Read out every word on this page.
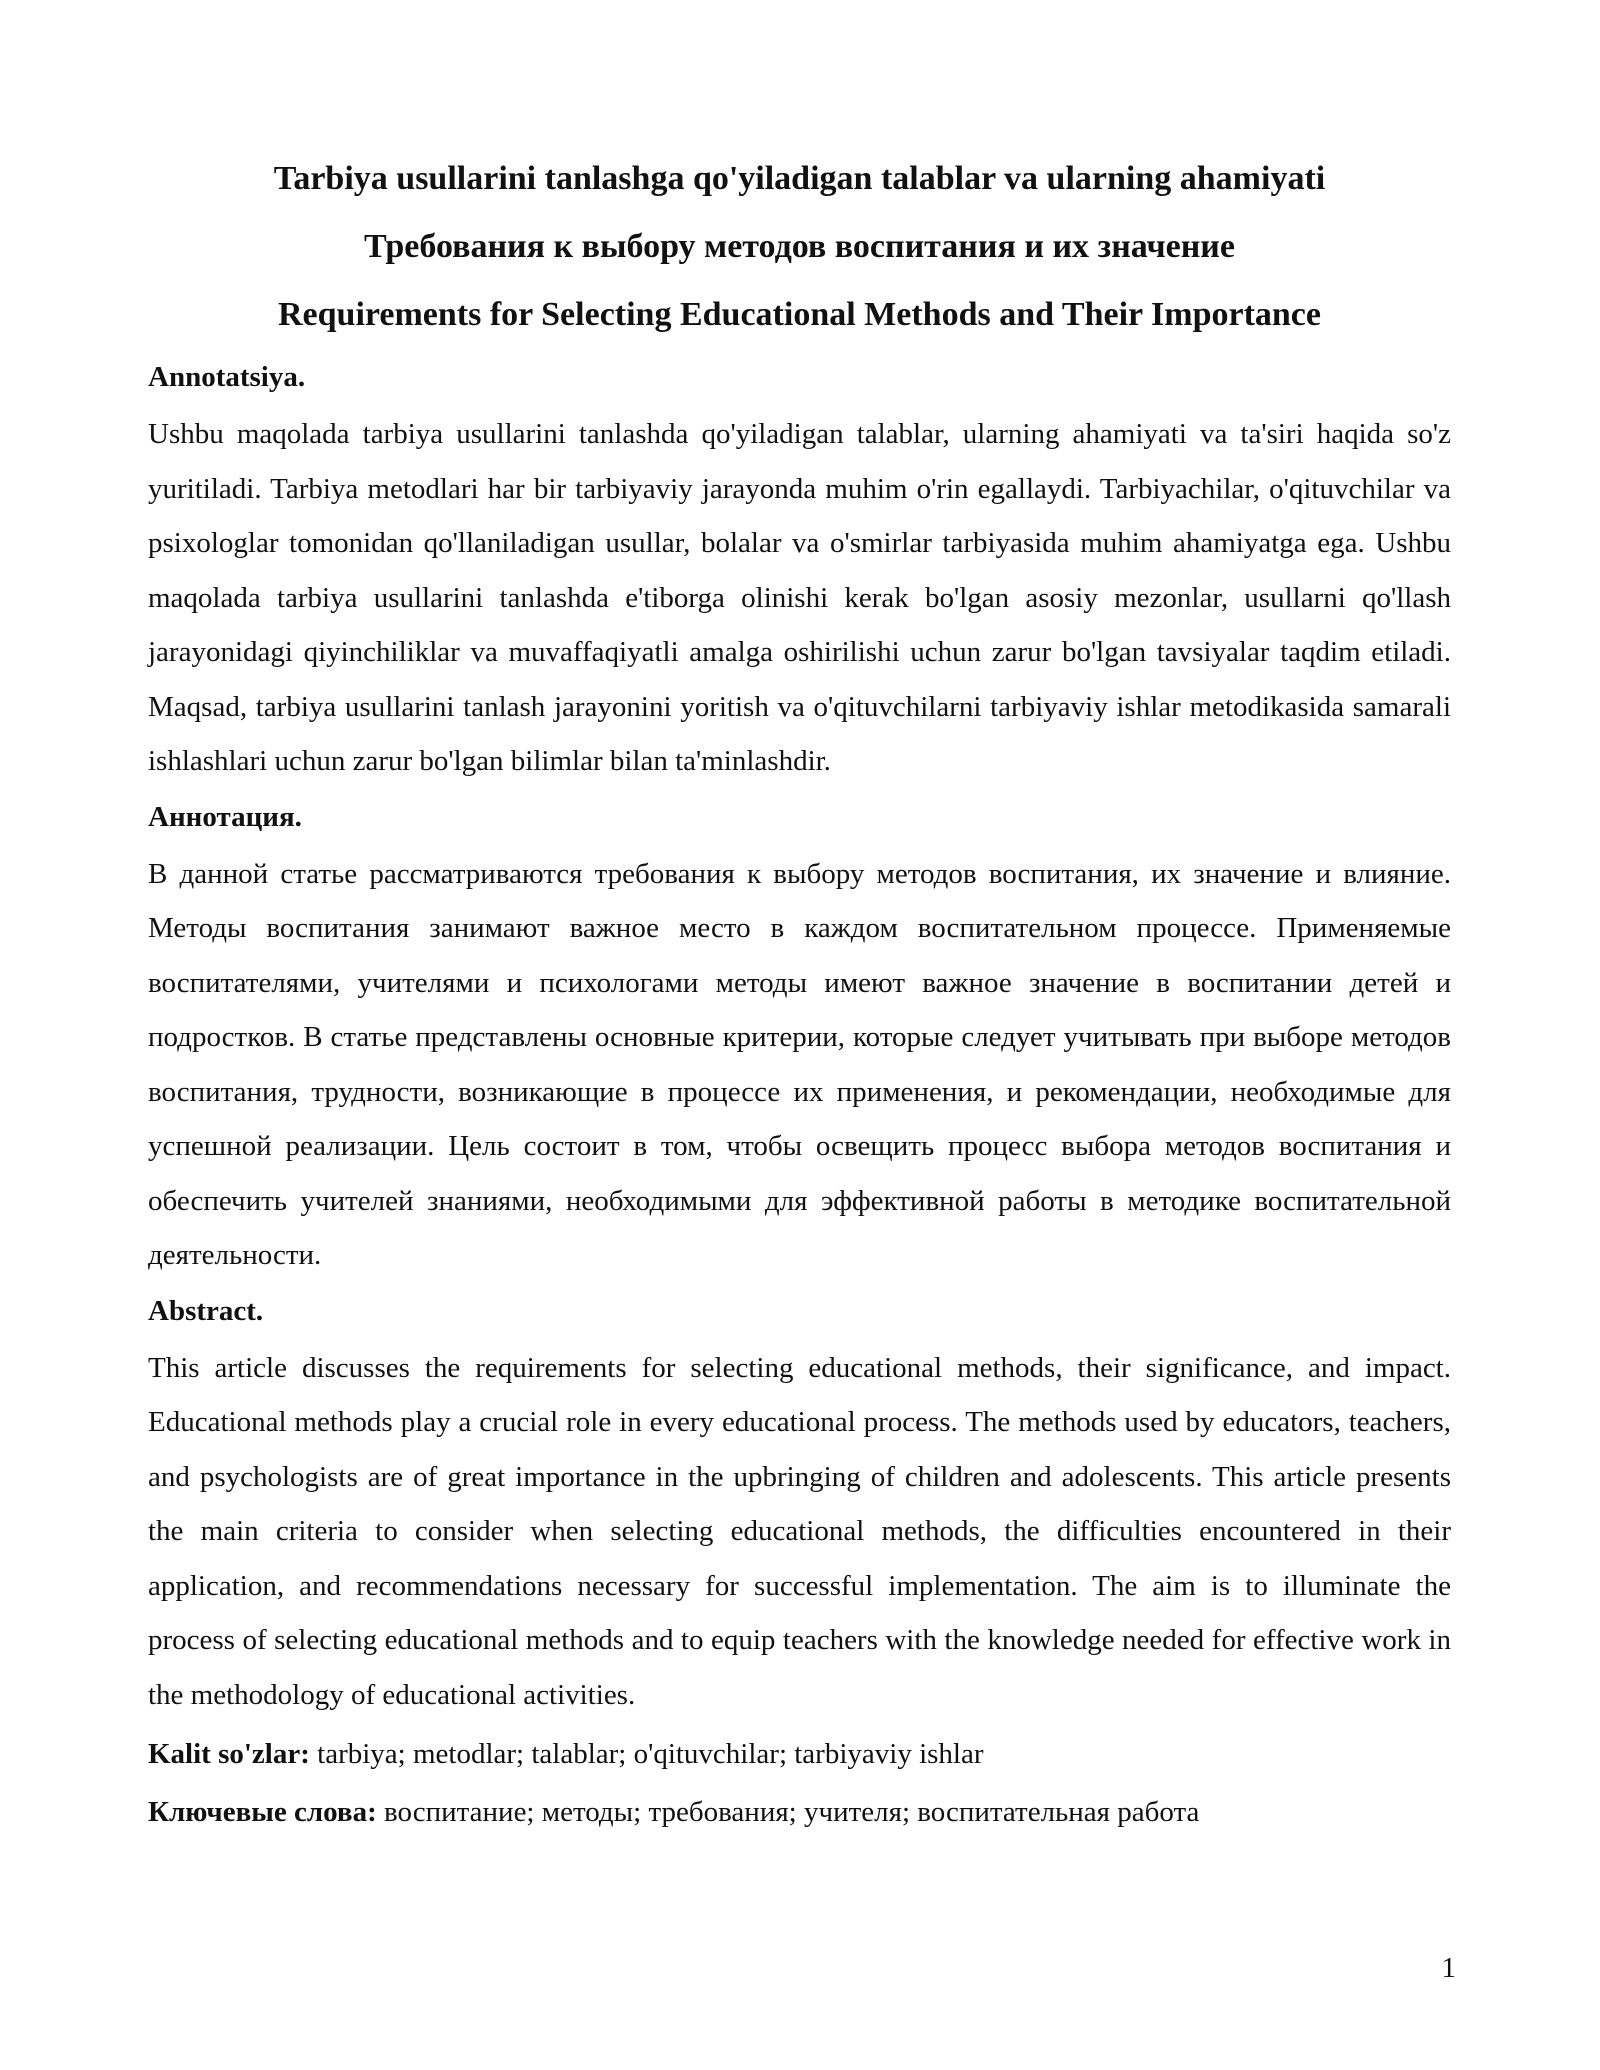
Tarbiya usullarini tanlashga qo'yiladigan talablar va ularning ahamiyati
Требования к выбору методов воспитания и их значение
Requirements for Selecting Educational Methods and Their Importance
Annotatsiya.

Ushbu maqolada tarbiya usullarini tanlashda qo'yiladigan talablar, ularning ahamiyati va ta'siri haqida so'z yuritiladi. Tarbiya metodlari har bir tarbiyaviy jarayonda muhim o'rin egallaydi. Tarbiyachilar, o'qituvchilar va psixologlar tomonidan qo'llaniladigan usullar, bolalar va o'smirlar tarbiyasida muhim ahamiyatga ega. Ushbu maqolada tarbiya usullarini tanlashda e'tiborga olinishi kerak bo'lgan asosiy mezonlar, usullarni qo'llash jarayonidagi qiyinchiliklar va muvaffaqiyatli amalga oshirilishi uchun zarur bo'lgan tavsiyalar taqdim etiladi. Maqsad, tarbiya usullarini tanlash jarayonini yoritish va o'qituvchilarni tarbiyaviy ishlar metodikasida samarali ishlashlari uchun zarur bo'lgan bilimlar bilan ta'minlashdir.

Аннотация.

В данной статье рассматриваются требования к выбору методов воспитания, их значение и влияние. Методы воспитания занимают важное место в каждом воспитательном процессе. Применяемые воспитателями, учителями и психологами методы имеют важное значение в воспитании детей и подростков. В статье представлены основные критерии, которые следует учитывать при выборе методов воспитания, трудности, возникающие в процессе их применения, и рекомендации, необходимые для успешной реализации. Цель состоит в том, чтобы освещить процесс выбора методов воспитания и обеспечить учителей знаниями, необходимыми для эффективной работы в методике воспитательной деятельности.

Abstract.

This article discusses the requirements for selecting educational methods, their significance, and impact. Educational methods play a crucial role in every educational process. The methods used by educators, teachers, and psychologists are of great importance in the upbringing of children and adolescents. This article presents the main criteria to consider when selecting educational methods, the difficulties encountered in their application, and recommendations necessary for successful implementation. The aim is to illuminate the process of selecting educational methods and to equip teachers with the knowledge needed for effective work in the methodology of educational activities.

Kalit so'zlar: tarbiya; metodlar; talablar; o'qituvchilar; tarbiyaviy ishlar
Ключевые слова: воспитание; методы; требования; учителя; воспитательная работа
1
